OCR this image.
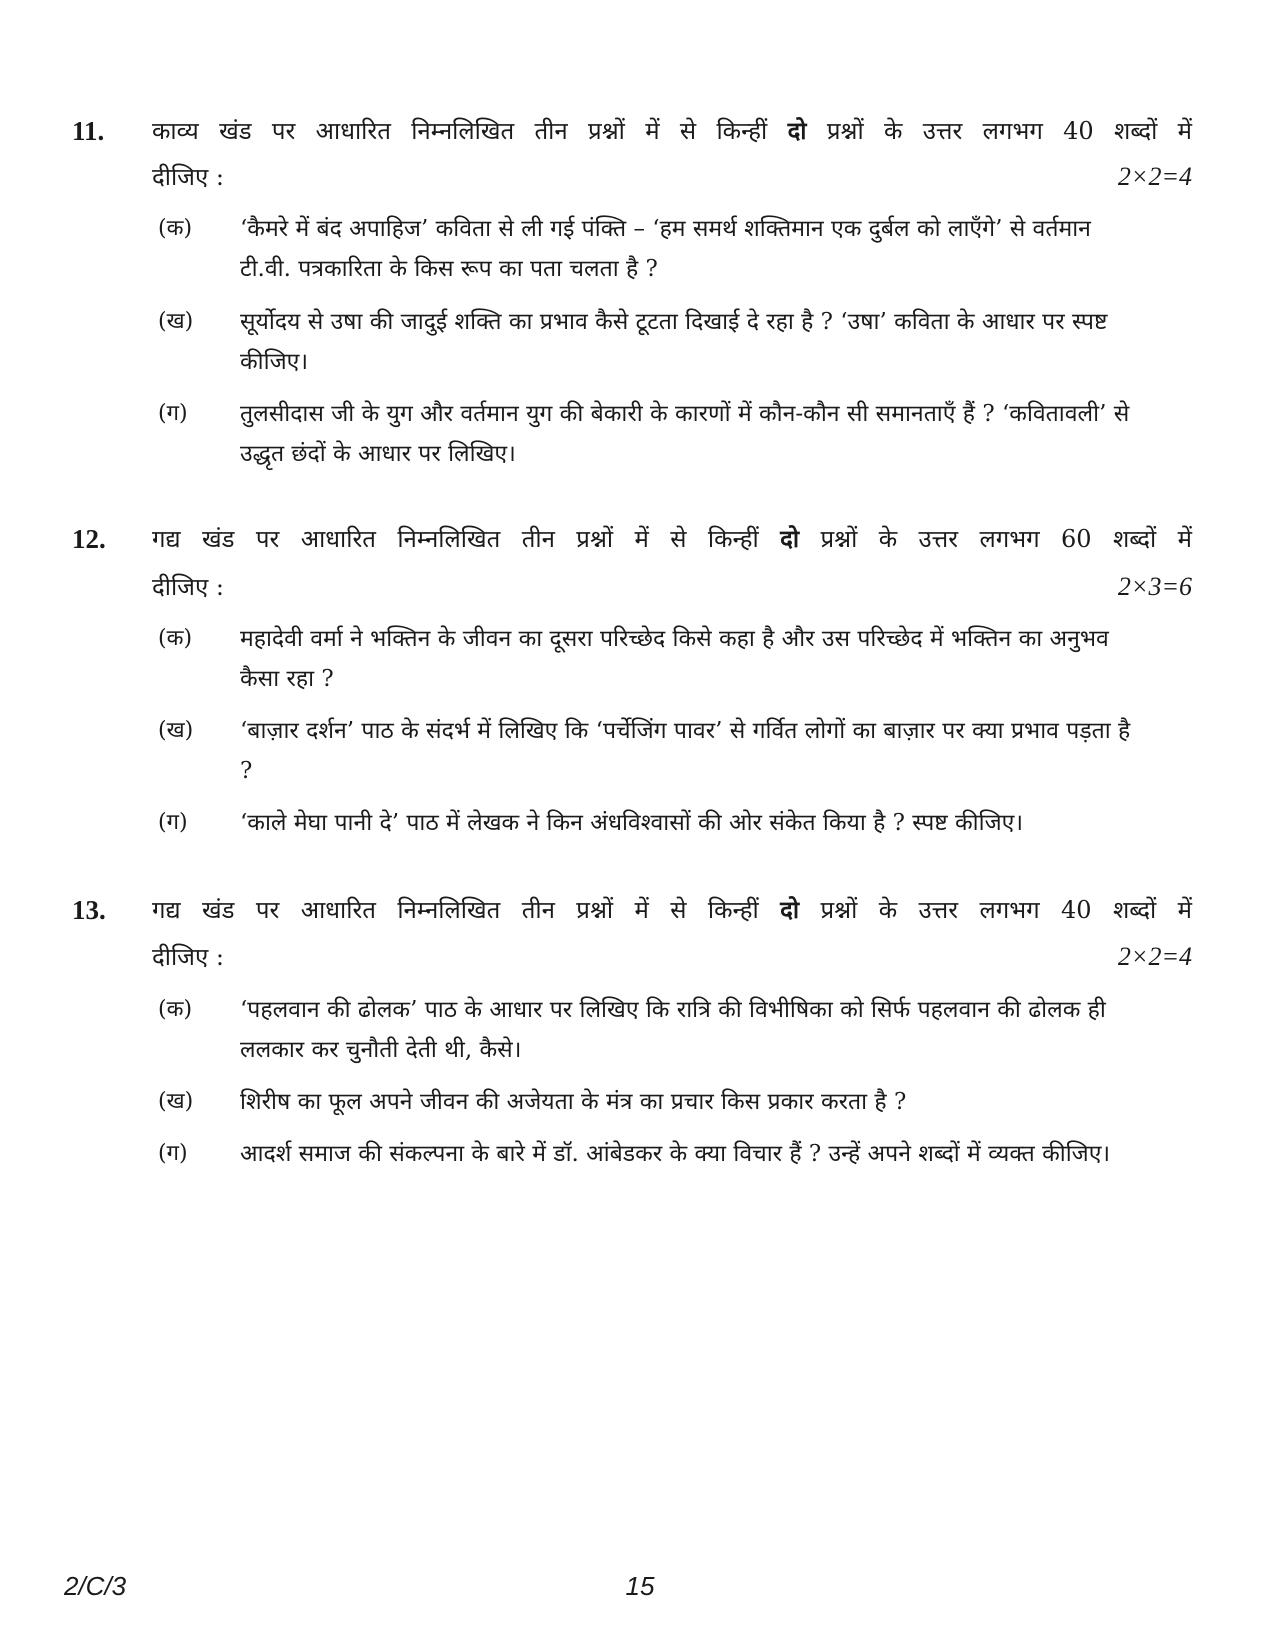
11. काव्य खंड पर आधारित निम्नलिखित तीन प्रश्नों में से किन्हीं दो प्रश्नों के उत्तर लगभग 40 शब्दों में
दीजिए :	2×2=4
(क) ‘कैमरे में बंद अपाहिज’ कविता से ली गई पंक्ति – ‘हम समर्थ शक्तिमान एक दुर्बल को लाएँगे’ से वर्तमान टी.वी. पत्रकारिता के किस रूप का पता चलता है ?
(ख) सूर्योदय से उषा की जादुई शक्ति का प्रभाव कैसे टूटता दिखाई दे रहा है ? ‘उषा’ कविता के आधार पर स्पष्ट कीजिए।
(ग) तुलसीदास जी के युग और वर्तमान युग की बेकारी के कारणों में कौन-कौन सी समानताएँ हैं ? ‘कवितावली’ से उद्धृत छंदों के आधार पर लिखिए।
12. गद्य खंड पर आधारित निम्नलिखित तीन प्रश्नों में से किन्हीं दो प्रश्नों के उत्तर लगभग 60 शब्दों में
दीजिए :	2×3=6
(क) महादेवी वर्मा ने भक्तिन के जीवन का दूसरा परिच्छेद किसे कहा है और उस परिच्छेद में भक्तिन का अनुभव कैसा रहा ?
(ख) ‘बाज़ार दर्शन’ पाठ के संदर्भ में लिखिए कि ‘पर्चेजिंग पावर’ से गर्वित लोगों का बाज़ार पर क्या प्रभाव पड़ता है ?
(ग) ‘काले मेघा पानी दे’ पाठ में लेखक ने किन अंधविश्वासों की ओर संकेत किया है ? स्पष्ट कीजिए।
13. गद्य खंड पर आधारित निम्नलिखित तीन प्रश्नों में से किन्हीं दो प्रश्नों के उत्तर लगभग 40 शब्दों में
दीजिए :	2×2=4
(क) ‘पहलवान की ढोलक’ पाठ के आधार पर लिखिए कि रात्रि की विभीषिका को सिर्फ पहलवान की ढोलक ही ललकार कर चुनौती देती थी, कैसे।
(ख) शिरीष का फूल अपने जीवन की अजेयता के मंत्र का प्रचार किस प्रकार करता है ?
(ग) आदर्श समाज की संकल्पना के बारे में डॉ. आंबेडकर के क्या विचार हैं ? उन्हें अपने शब्दों में व्यक्त कीजिए।
2/C/3	15
